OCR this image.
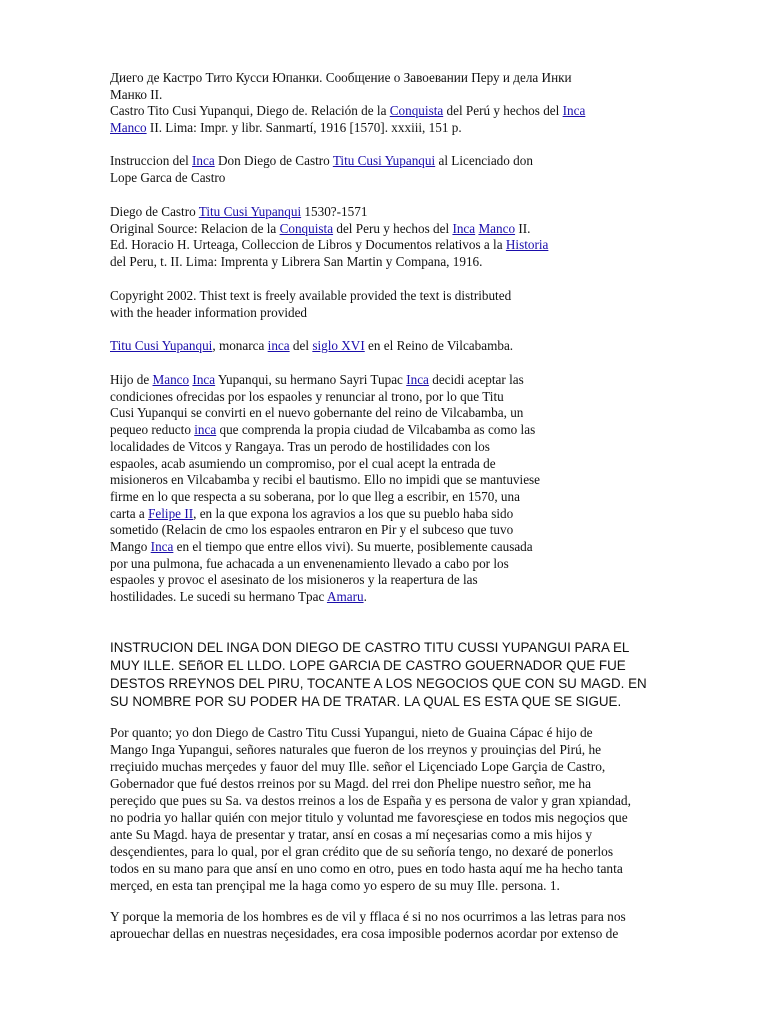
Диего де Кастро Тито Кусси Юпанки. Сообщение о Завоевании Перу и дела Инки
Манко II.
Castro Tito Cusi Yupanqui, Diego de. Relación de la Conquista del Perú y hechos del Inca
Manco II. Lima: Impr. y libr. Sanmartí, 1916 [1570]. xxxiii, 151 p.
Instruccion del Inca Don Diego de Castro Titu Cusi Yupanqui al Licenciado don
Lope Garca de Castro
Diego de Castro Titu Cusi Yupanqui 1530?-1571
Original Source: Relacion de la Conquista del Peru y hechos del Inca Manco II.
Ed. Horacio H. Urteaga, Colleccion de Libros y Documentos relativos a la Historia
del Peru, t. II. Lima: Imprenta y Librera San Martin y Compana, 1916.
Copyright 2002. Thist text is freely available provided the text is distributed
with the header information provided
Titu Cusi Yupanqui, monarca inca del siglo XVI en el Reino de Vilcabamba.
Hijo de Manco Inca Yupanqui, su hermano Sayri Tupac Inca decidi aceptar las
condiciones ofrecidas por los espaoles y renunciar al trono, por lo que Titu
Cusi Yupanqui se convirti en el nuevo gobernante del reino de Vilcabamba, un
pequeo reducto inca que comprenda la propia ciudad de Vilcabamba as como las
localidades de Vitcos y Rangaya. Tras un perodo de hostilidades con los
espaoles, acab asumiendo un compromiso, por el cual acept la entrada de
misioneros en Vilcabamba y recibi el bautismo. Ello no impidi que se mantuviese
firme en lo que respecta a su soberana, por lo que lleg a escribir, en 1570, una
carta a Felipe II, en la que expona los agravios a los que su pueblo haba sido
sometido (Relacin de cmo los espaoles entraron en Pir y el subceso que tuvo
Mango Inca en el tiempo que entre ellos vivi). Su muerte, posiblemente causada
por una pulmona, fue achacada a un envenenamiento llevado a cabo por los
espaoles y provoc el asesinato de los misioneros y la reapertura de las
hostilidades. Le sucedi su hermano Tpac Amaru.
INSTRUCION DEL INGA DON DIEGO DE CASTRO TITU CUSSI YUPANGUI PARA EL
MUY ILLE. SEñOR EL LLDO. LOPE GARCIA DE CASTRO GOUERNADOR QUE FUE
DESTOS RREYNOS DEL PIRU, TOCANTE A LOS NEGOCIOS QUE CON SU MAGD. EN
SU NOMBRE POR SU PODER HA DE TRATAR. LA QUAL ES ESTA QUE SE SIGUE.
Por quanto; yo don Diego de Castro Titu Cussi Yupangui, nieto de Guaina Cápac é hijo de
Mango Inga Yupangui, señores naturales que fueron de los rreynos y prouinçias del Pirú, he
rreçiuido muchas merçedes y fauor del muy Ille. señor el Liçenciado Lope Garçia de Castro,
Gobernador que fué destos rreinos por su Magd. del rrei don Phelipe nuestro señor, me ha
pereçido que pues su Sa. va destos rreinos a los de España y es persona de valor y gran xpiandad,
no podria yo hallar quién con mejor titulo y voluntad me favoresçiese en todos mis negoçios que
ante Su Magd. haya de presentar y tratar, ansí en cosas a mí neçesarias como a mis hijos y
desçendientes, para lo qual, por el gran crédito que de su señoría tengo, no dexaré de ponerlos
todos en su mano para que ansí en uno como en otro, pues en todo hasta aquí me ha hecho tanta
merçed, en esta tan prençipal me la haga como yo espero de su muy Ille. persona. 1.
Y porque la memoria de los hombres es de vil y fflaca é si no nos ocurrimos a las letras para nos
aprouechar dellas en nuestras neçesidades, era cosa imposible podernos acordar por extenso de
